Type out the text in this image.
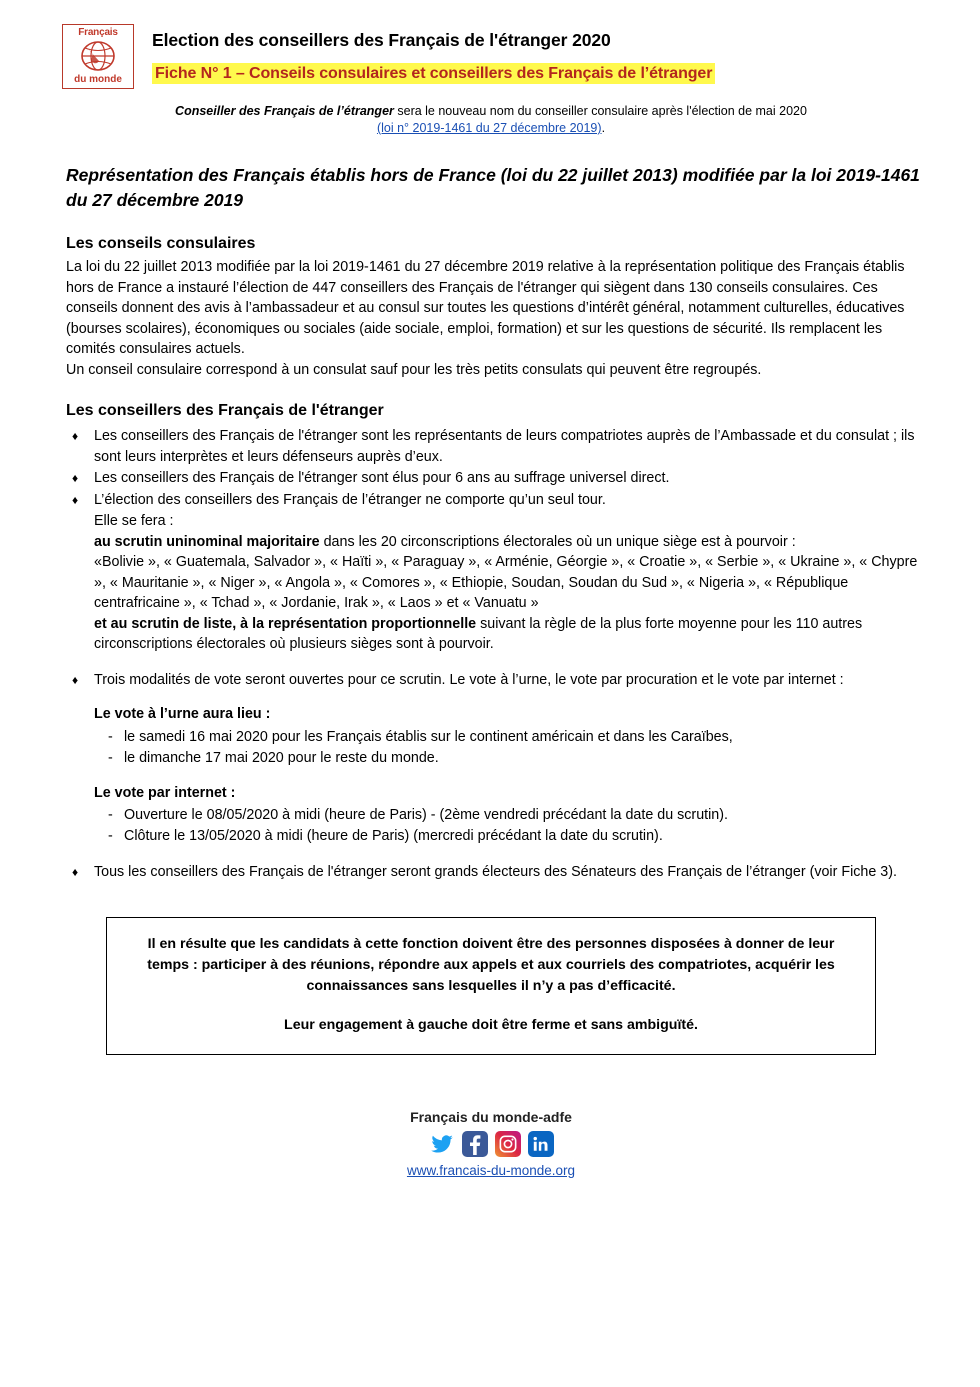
Français
du monde
Election des conseillers des Français de l'étranger 2020
Fiche N° 1 – Conseils consulaires et conseillers des Français de l’étranger
Conseiller des Français de l’étranger sera le nouveau nom du conseiller consulaire après l'élection de mai 2020
(loi n° 2019-1461 du 27 décembre 2019).
Représentation des Français établis hors de France (loi du 22 juillet 2013) modifiée par la loi 2019-1461 du 27 décembre 2019
Les conseils consulaires

La loi du 22 juillet 2013 modifiée par la loi 2019-1461 du 27 décembre 2019 relative à la représentation politique des Français établis hors de France a instauré l’élection de 447 conseillers des Français de l'étranger qui siègent dans 130 conseils consulaires. Ces conseils donnent des avis à l’ambassadeur et au consul sur toutes les questions d’intérêt général, notamment culturelles, éducatives (bourses scolaires), économiques ou sociales (aide sociale, emploi, formation) et sur les questions de sécurité. Ils remplacent les comités consulaires actuels.

Un conseil consulaire correspond à un consulat sauf pour les très petits consulats qui peuvent être regroupés.

Les conseillers des Français de l'étranger
♦ Les conseillers des Français de l'étranger sont les représentants de leurs compatriotes auprès de l’Ambassade et du consulat ; ils sont leurs interprètes et leurs défenseurs auprès d’eux.
♦ Les conseillers des Français de l'étranger sont élus pour 6 ans au suffrage universel direct.
♦ L’élection des conseillers des Français de l’étranger ne comporte qu’un seul tour.
Elle se fera :
au scrutin uninominal majoritaire dans les 20 circonscriptions électorales où un unique siège est à pourvoir :
«Bolivie », « Guatemala, Salvador », « Haïti », « Paraguay », « Arménie, Géorgie », « Croatie », « Serbie », « Ukraine », « Chypre », « Mauritanie », « Niger », « Angola », « Comores », « Ethiopie, Soudan, Soudan du Sud », « Nigeria », « République centrafricaine », « Tchad », « Jordanie, Irak », « Laos » et « Vanuatu »
et au scrutin de liste, à la représentation proportionnelle suivant la règle de la plus forte moyenne pour les 110 autres circonscriptions électorales où plusieurs sièges sont à pourvoir.
♦ Trois modalités de vote seront ouvertes pour ce scrutin. Le vote à l’urne, le vote par procuration et le vote par internet :
Le vote à l’urne aura lieu :
- le samedi 16 mai 2020 pour les Français établis sur le continent américain et dans les Caraïbes,
- le dimanche 17 mai 2020 pour le reste du monde.
Le vote par internet :
- Ouverture le 08/05/2020 à midi (heure de Paris) - (2ème vendredi précédant la date du scrutin).
- Clôture le 13/05/2020 à midi (heure de Paris) (mercredi précédant la date du scrutin).
♦ Tous les conseillers des Français de l'étranger seront grands électeurs des Sénateurs des Français de l’étranger (voir Fiche 3).

Il en résulte que les candidats à cette fonction doivent être des personnes disposées à donner de leur temps : participer à des réunions, répondre aux appels et aux courriels des compatriotes, acquérir les connaissances sans lesquelles il n’y a pas d’efficacité.

Leur engagement à gauche doit être ferme et sans ambiguïté.

Français du monde-adfe
www.francais-du-monde.org
